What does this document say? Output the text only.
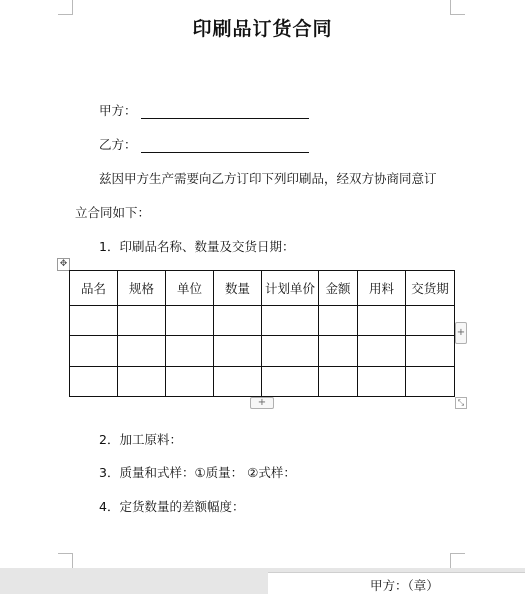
印刷品订货合同
甲方：
乙方：
兹因甲方生产需要向乙方订印下列印刷品，经双方协商同意订
立合同如下：
1．印刷品名称、数量及交货日期：
✥
品名	规格	单位	数量	计划单价	金额	用料	交货期

+
+	⤡
2．加工原料：
3．质量和式样：①质量： ②式样：
4．定货数量的差额幅度：
甲方：（章）
